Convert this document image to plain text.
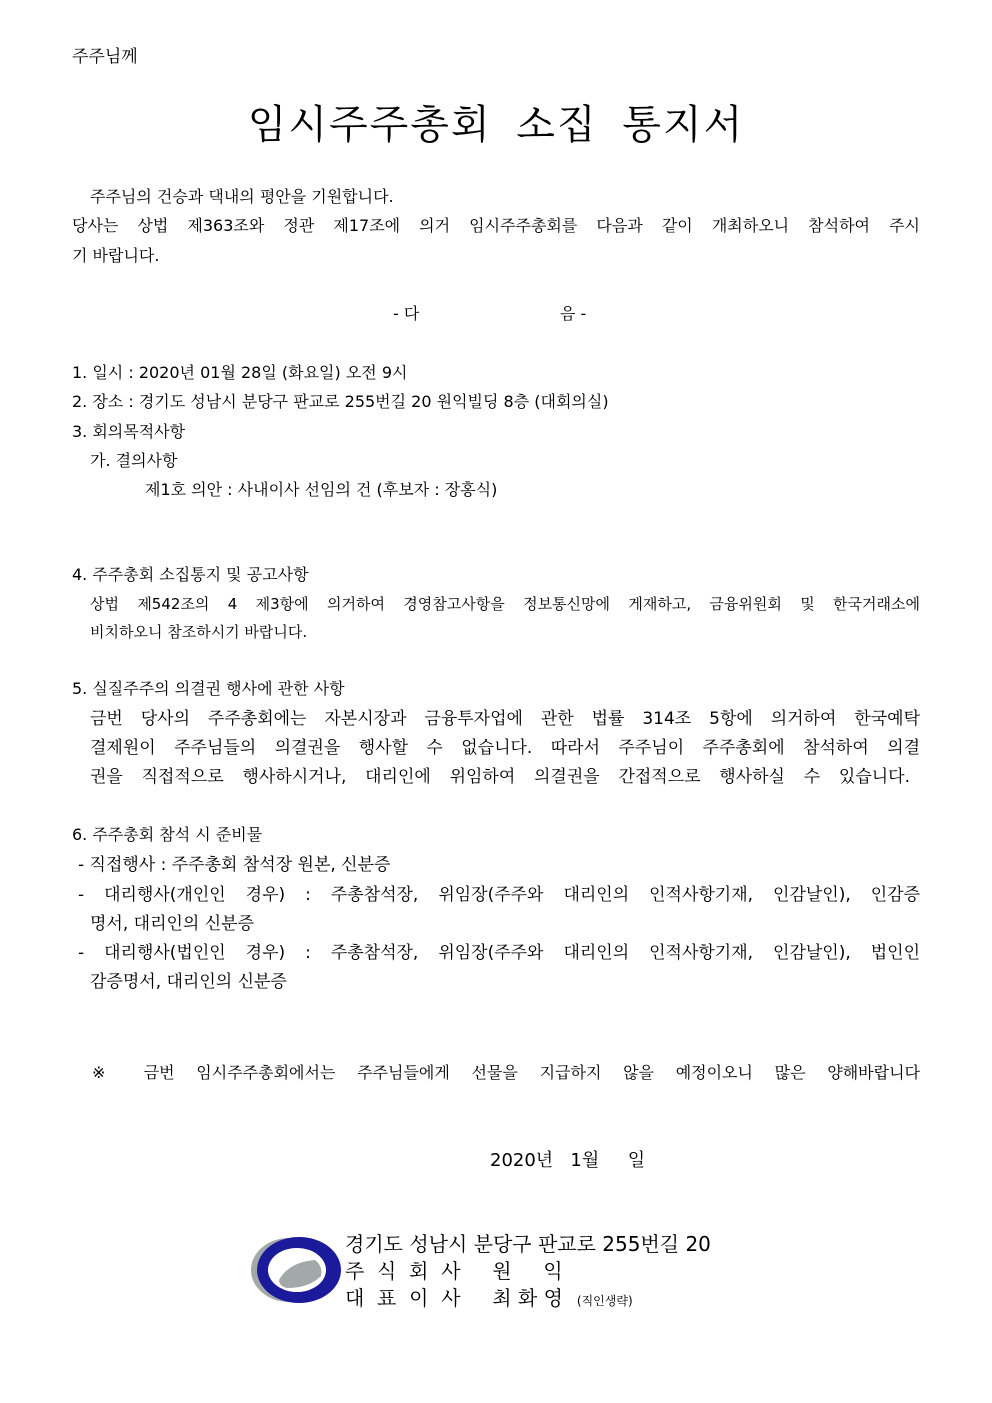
주주님께
임시주주총회 소집 통지서
주주님의 건승과 댁내의 평안을 기원합니다.
당사는 상법 제363조와 정관 제17조에 의거 임시주주총회를 다음과 같이 개최하오니 참석하여 주시
기 바랍니다.
- 다	음 -
1. 일시 : 2020년 01월 28일 (화요일) 오전 9시
2. 장소 : 경기도 성남시 분당구 판교로 255번길 20 원익빌딩 8층 (대회의실)
3. 회의목적사항
가. 결의사항
제1호 의안 : 사내이사 선임의 건 (후보자 : 장홍식)
4. 주주총회 소집통지 및 공고사항
상법 제542조의 4 제3항에 의거하여 경영참고사항을 정보통신망에 게재하고, 금융위원회 및 한국거래소에
비치하오니 참조하시기 바랍니다.
5. 실질주주의 의결권 행사에 관한 사항
금번 당사의 주주총회에는 자본시장과 금융투자업에 관한 법률 314조 5항에 의거하여 한국예탁
결제원이 주주님들의 의결권을 행사할 수 없습니다. 따라서 주주님이 주주총회에 참석하여 의결
권을 직접적으로 행사하시거나, 대리인에 위임하여 의결권을 간접적으로 행사하실 수 있습니다.
6. 주주총회 참석 시 준비물
- 직접행사 : 주주총회 참석장 원본, 신분증
- 대리행사(개인인 경우) : 주총참석장, 위임장(주주와 대리인의 인적사항기재, 인감날인), 인감증
명서, 대리인의 신분증
- 대리행사(법인인 경우) : 주총참석장, 위임장(주주와 대리인의 인적사항기재, 인감날인), 법인인
감증명서, 대리인의 신분증
※ 금번 임시주주총회에서는 주주님들에게 선물을 지급하지 않을 예정이오니 많은 양해바랍니다
2020년   1월     일
경기도 성남시 분당구 판교로 255번길 20
주  식  회  사     원     익
대  표  이  사     최 화 영 (직인생략)
